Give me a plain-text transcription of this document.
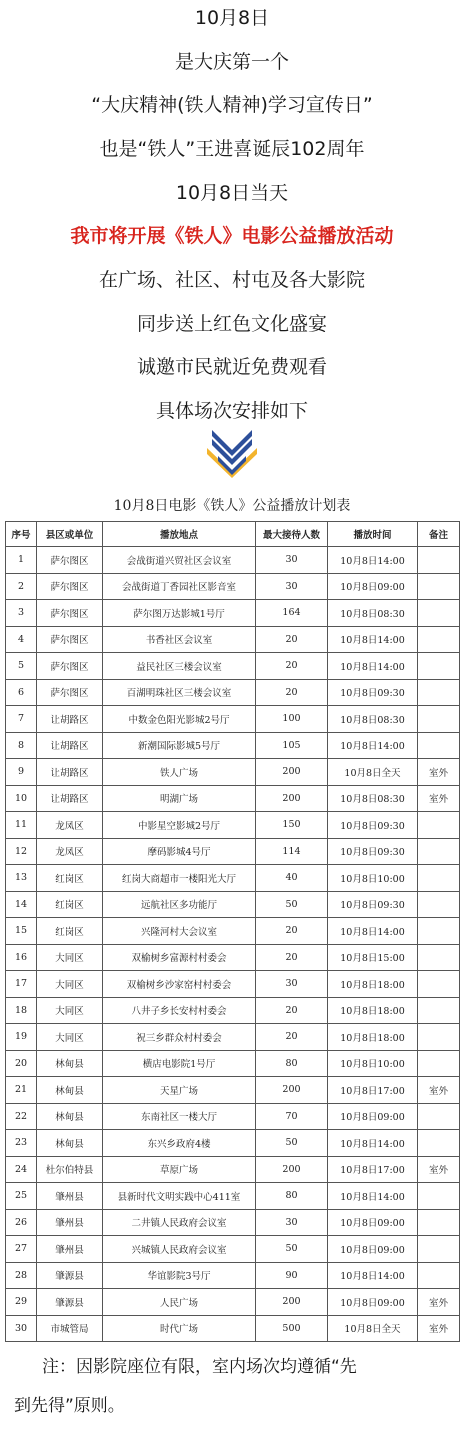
10月8日
是大庆第一个
“大庆精神(铁人精神)学习宣传日”
也是“铁人”王进喜诞辰102周年
10月8日当天
我市将开展《铁人》电影公益播放活动
在广场、社区、村屯及各大影院
同步送上红色文化盛宴
诚邀市民就近免费观看
具体场次安排如下
10月8日电影《铁人》公益播放计划表
序号	县区或单位	播放地点	最大接待人数	播放时间	备注
1	萨尔图区	会战街道兴贸社区会议室	30	10月8日14:00	
2	萨尔图区	会战街道丁香园社区影音室	30	10月8日09:00	
3	萨尔图区	萨尔图万达影城1号厅	164	10月8日08:30	
4	萨尔图区	书香社区会议室	20	10月8日14:00	
5	萨尔图区	益民社区三楼会议室	20	10月8日14:00	
6	萨尔图区	百湖明珠社区三楼会议室	20	10月8日09:30	
7	让胡路区	中数金色阳光影城2号厅	100	10月8日08:30	
8	让胡路区	新潮国际影城5号厅	105	10月8日14:00	
9	让胡路区	铁人广场	200	10月8日全天	室外
10	让胡路区	明湖广场	200	10月8日08:30	室外
11	龙凤区	中影星空影城2号厅	150	10月8日09:30	
12	龙凤区	摩码影城4号厅	114	10月8日09:30	
13	红岗区	红岗大商超市一楼阳光大厅	40	10月8日10:00	
14	红岗区	远航社区多功能厅	50	10月8日09:30	
15	红岗区	兴隆河村大会议室	20	10月8日14:00	
16	大同区	双榆树乡富源村村委会	20	10月8日15:00	
17	大同区	双榆树乡沙家窑村村委会	30	10月8日18:00	
18	大同区	八井子乡长安村村委会	20	10月8日18:00	
19	大同区	祝三乡群众村村委会	20	10月8日18:00	
20	林甸县	横店电影院1号厅	80	10月8日10:00	
21	林甸县	天星广场	200	10月8日17:00	室外
22	林甸县	东南社区一楼大厅	70	10月8日09:00	
23	林甸县	东兴乡政府4楼	50	10月8日14:00	
24	杜尔伯特县	草原广场	200	10月8日17:00	室外
25	肇州县	县新时代文明实践中心411室	80	10月8日14:00	
26	肇州县	二井镇人民政府会议室	30	10月8日09:00	
27	肇州县	兴城镇人民政府会议室	50	10月8日09:00	
28	肇源县	华谊影院3号厅	90	10月8日14:00	
29	肇源县	人民广场	200	10月8日09:00	室外
30	市城管局	时代广场	500	10月8日全天	室外
注：因影院座位有限，室内场次均遵循“先
到先得”原则。
